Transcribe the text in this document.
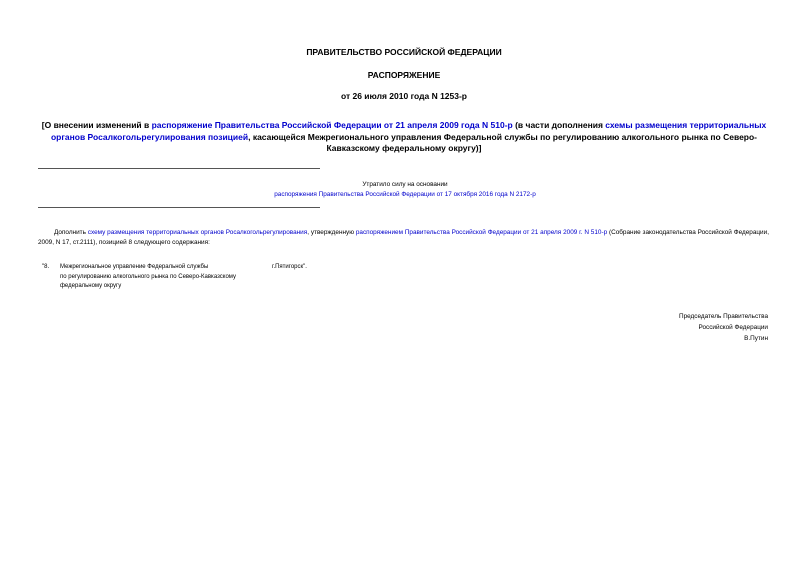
ПРАВИТЕЛЬСТВО РОССИЙСКОЙ ФЕДЕРАЦИИ

РАСПОРЯЖЕНИЕ

от 26 июля 2010 года N 1253-р

[О внесении изменений в распоряжение Правительства Российской Федерации от 21 апреля 2009 года N 510-р (в части дополнения схемы размещения территориальных органов Росалкогольрегулирования позицией, касающейся Межрегионального управления Федеральной службы по регулированию алкогольного рынка по Северо-Кавказскому федеральному округу)]

Утратило силу на основании
распоряжения Правительства Российской Федерации от 17 октября 2016 года N 2172-р

Дополнить схему размещения территориальных органов Росалкогольрегулирования, утвержденную распоряжением Правительства Российской Федерации от 21 апреля 2009 г. N 510-р (Собрание законодательства Российской Федерации, 2009, N 17, ст.2111), позицией 8 следующего содержания:

"8. Межрегиональное управление Федеральной службы
по регулированию алкогольного рынка по Северо-Кавказскому
федеральному округу
г.Пятигорск".
Председатель Правительства
Российской Федерации
В.Путин
